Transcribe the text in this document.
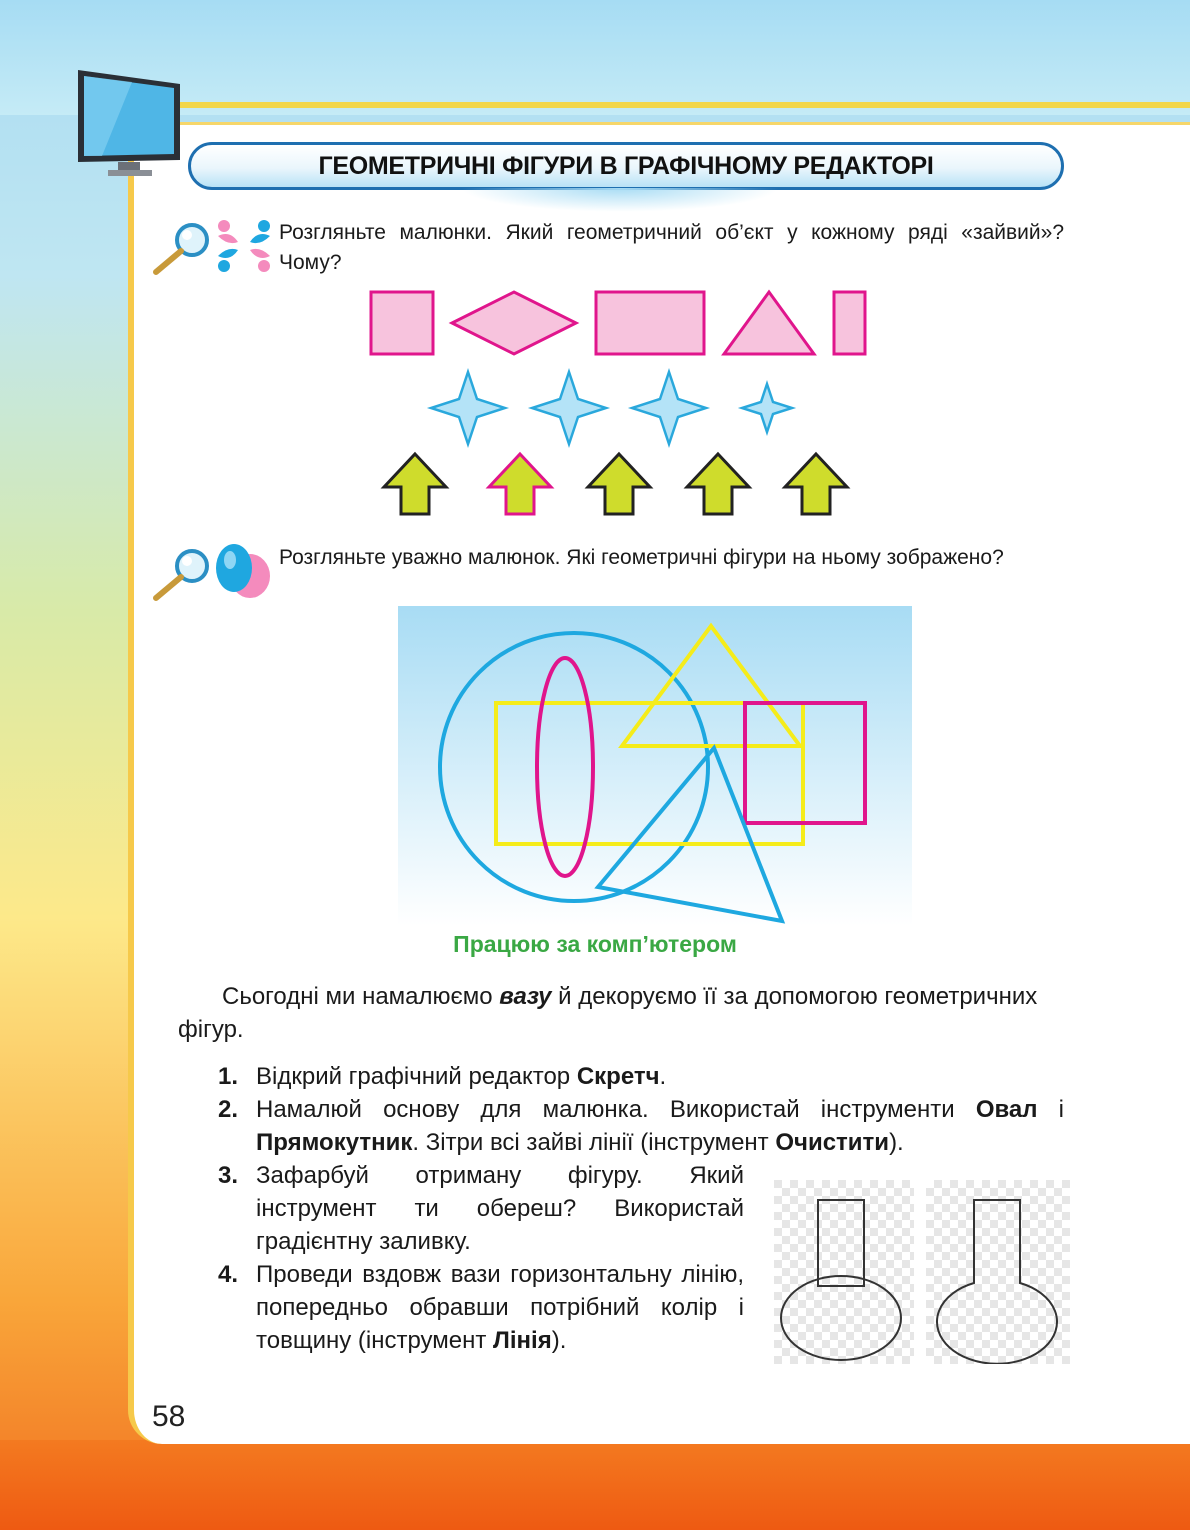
ГЕОМЕТРИЧНІ ФІГУРИ В ГРАФІЧНОМУ РЕДАКТОРІ
Розгляньте малюнки. Який геометричний об’єкт у кожному ряді «зайвий»? Чому?
Розгляньте уважно малюнок. Які геометричні фігури на ньому зображено?
Працюю за комп’ютером
Сьогодні ми намалюємо вазу й декоруємо її за допомогою геометричних фігур.
1. Відкрий графічний редактор Скретч.
2. Намалюй основу для малюнка. Використай інструменти Овал і Прямокутник. Зітри всі зайві лінії (інструмент Очистити).
3. Зафарбуй отриману фігуру. Який інструмент ти обереш? Використай градієнтну заливку.
4. Проведи вздовж вази горизонтальну лінію, попередньо обравши потрібний колір і товщину (інструмент Лінія).
58
